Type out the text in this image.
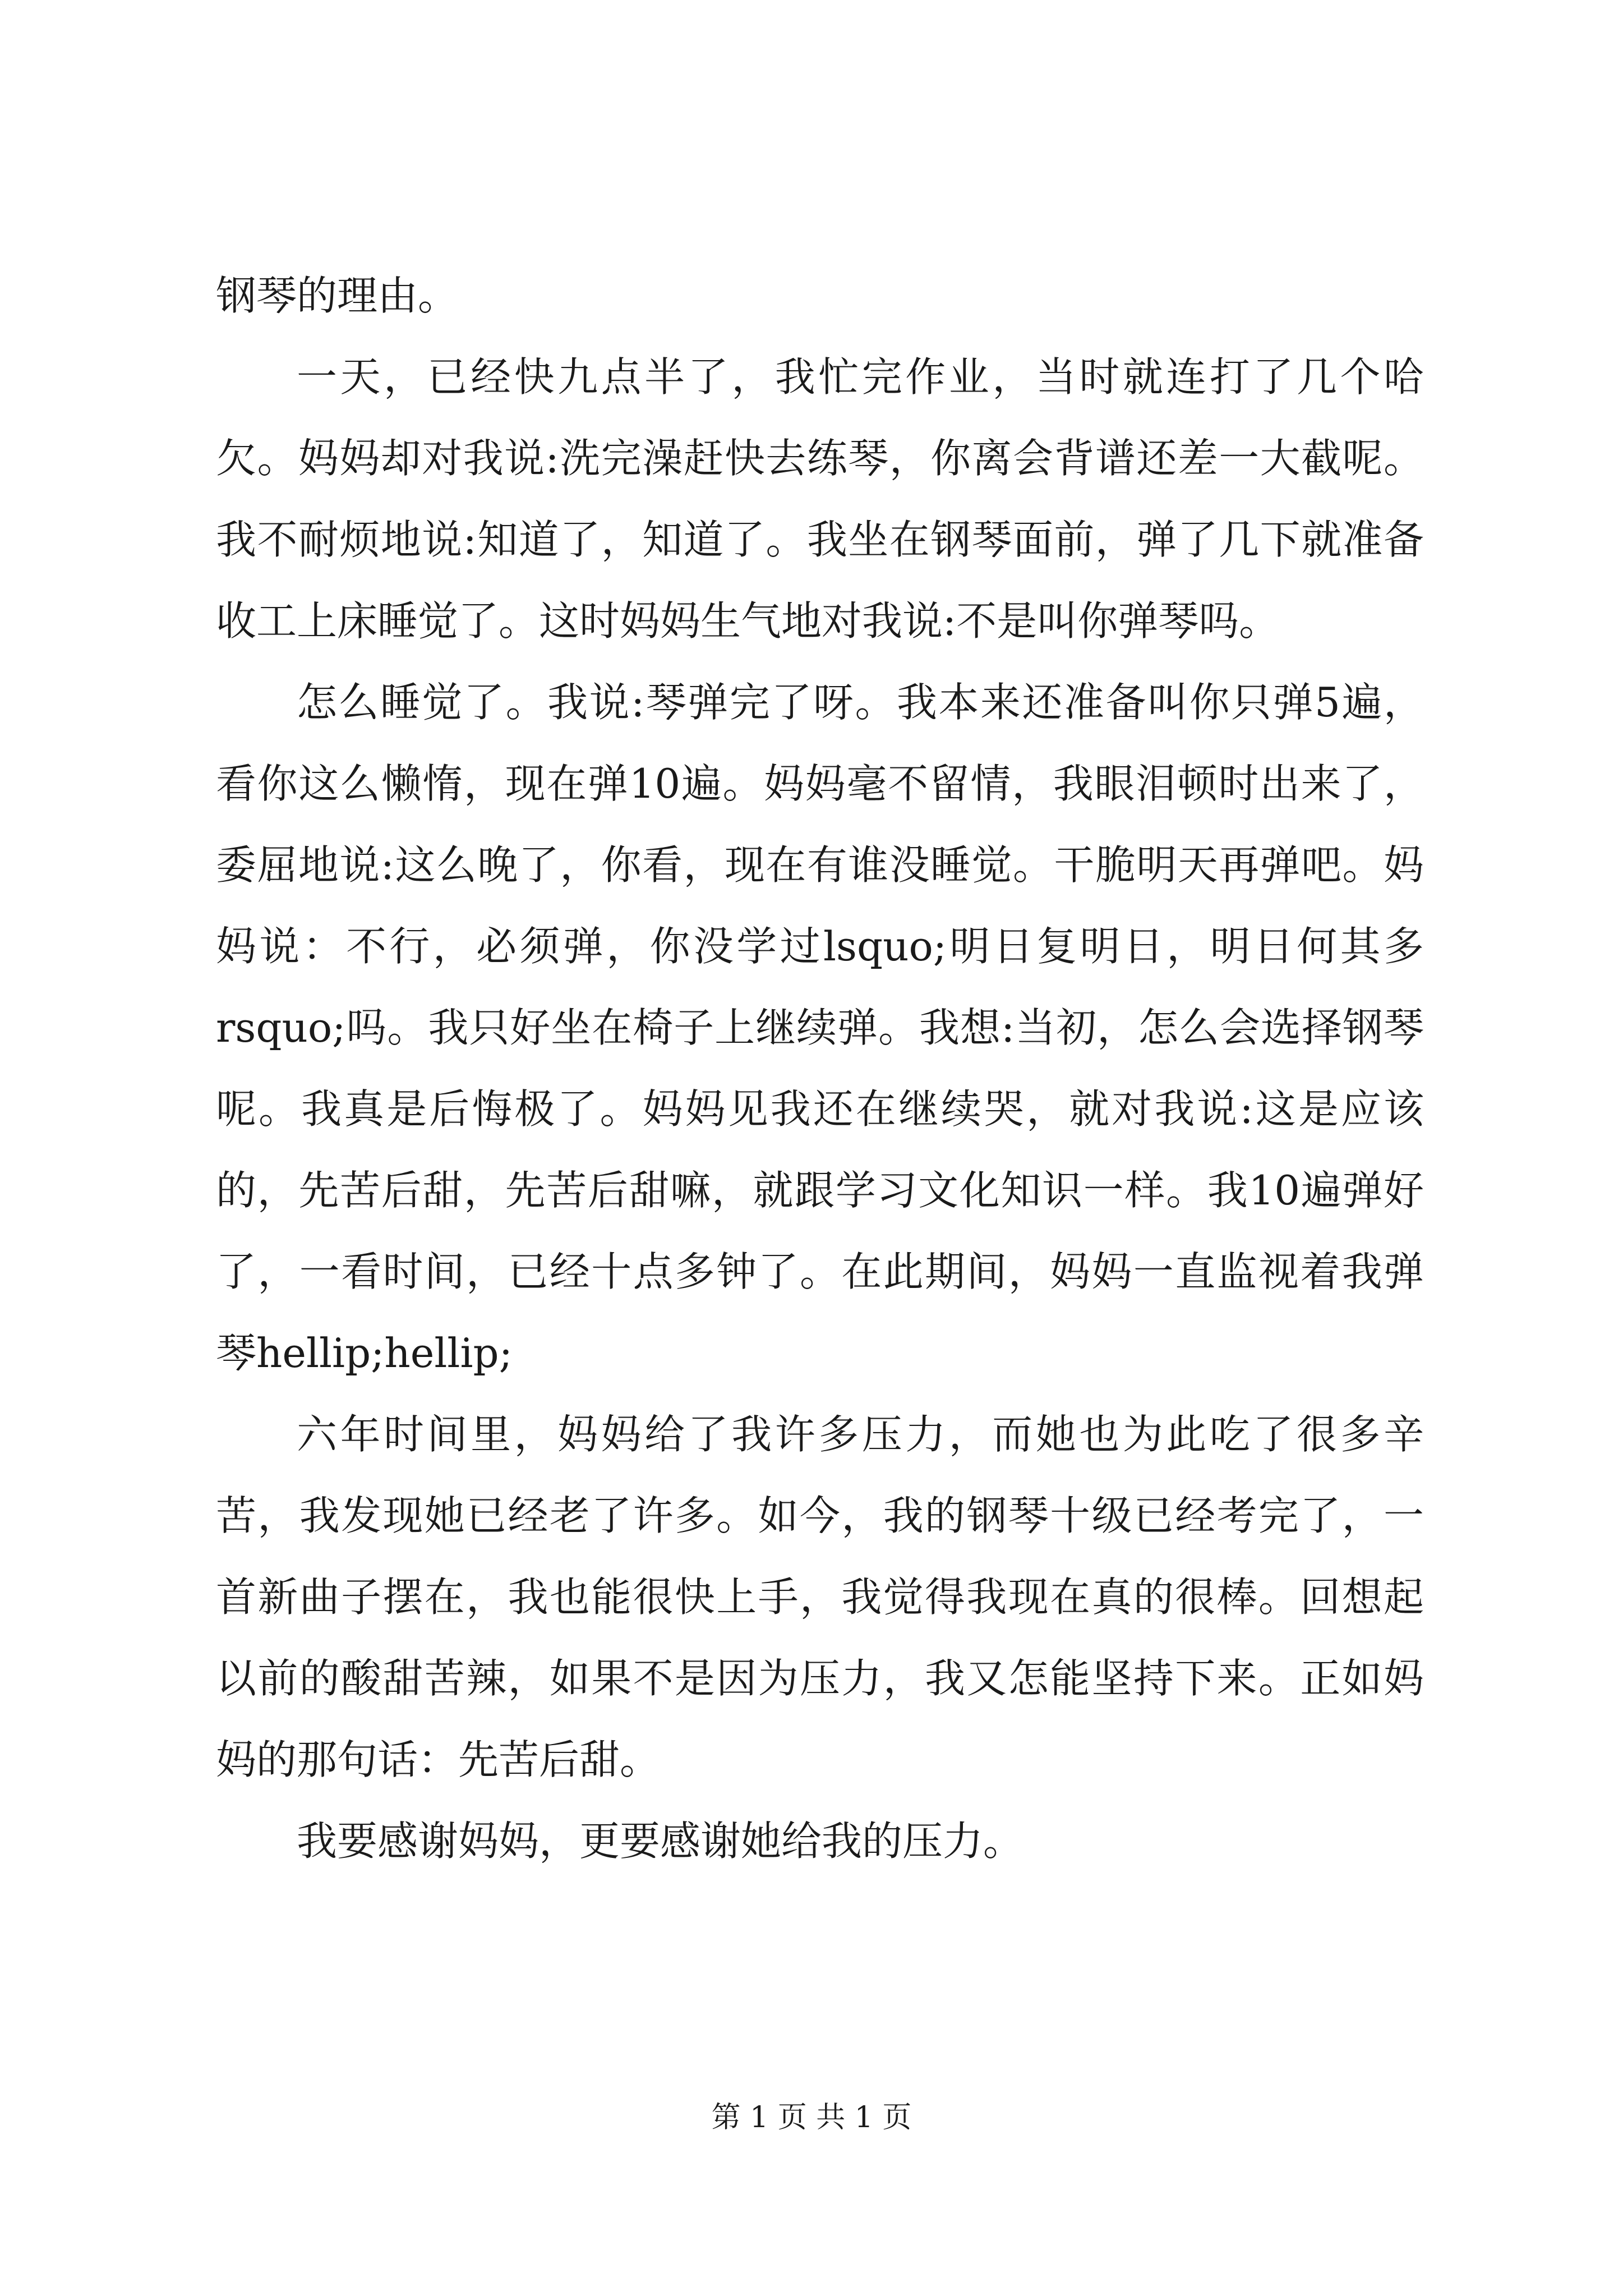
钢琴的理由。

一天，已经快九点半了，我忙完作业，当时就连打了几个哈欠。妈妈却对我说:洗完澡赶快去练琴，你离会背谱还差一大截呢。我不耐烦地说:知道了，知道了。我坐在钢琴面前，弹了几下就准备收工上床睡觉了。这时妈妈生气地对我说:不是叫你弹琴吗。

怎么睡觉了。我说:琴弹完了呀。我本来还准备叫你只弹5遍，看你这么懒惰，现在弹10遍。妈妈毫不留情，我眼泪顿时出来了，委屈地说:这么晚了，你看，现在有谁没睡觉。干脆明天再弹吧。妈妈说：不行，必须弹，你没学过lsquo;明日复明日，明日何其多rsquo;吗。我只好坐在椅子上继续弹。我想:当初，怎么会选择钢琴呢。我真是后悔极了。妈妈见我还在继续哭，就对我说:这是应该的，先苦后甜，先苦后甜嘛，就跟学习文化知识一样。我10遍弹好了，一看时间，已经十点多钟了。在此期间，妈妈一直监视着我弹琴hellip;hellip;

六年时间里，妈妈给了我许多压力，而她也为此吃了很多辛苦，我发现她已经老了许多。如今，我的钢琴十级已经考完了，一首新曲子摆在，我也能很快上手，我觉得我现在真的很棒。回想起以前的酸甜苦辣，如果不是因为压力，我又怎能坚持下来。正如妈妈的那句话：先苦后甜。

我要感谢妈妈，更要感谢她给我的压力。

第 1 页 共 1 页
